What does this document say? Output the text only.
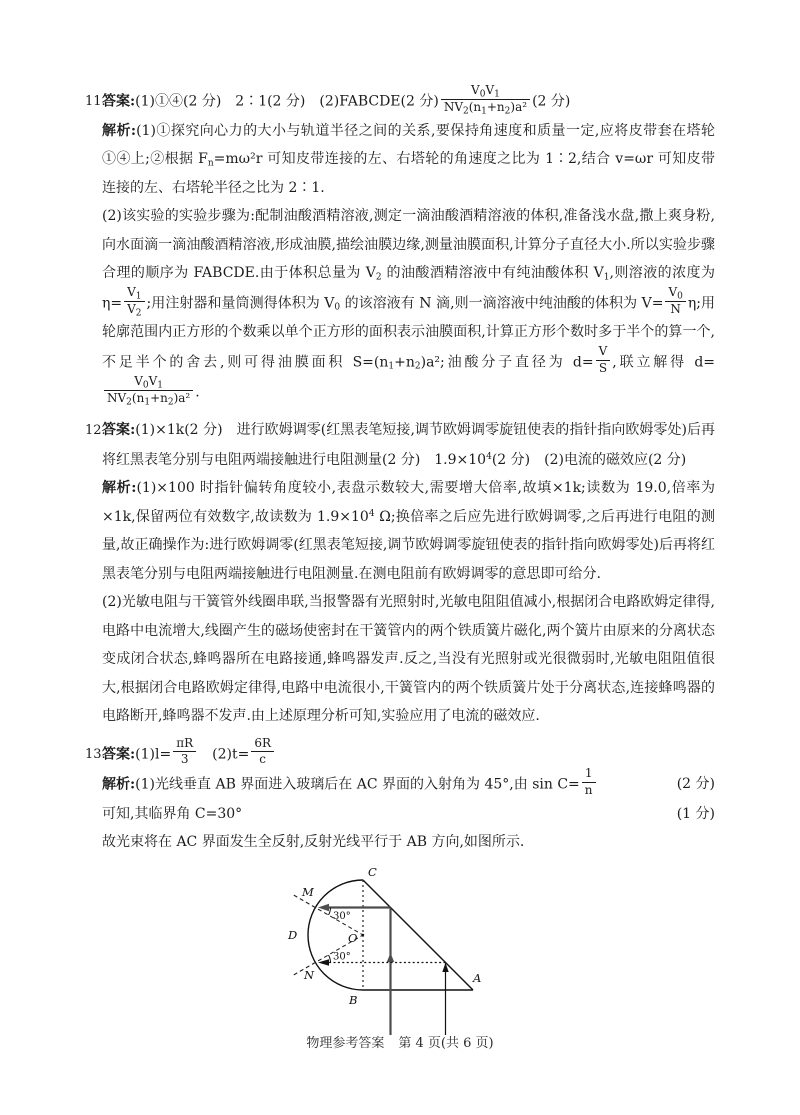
11.答案:(1)①④(2 分)　2∶1(2 分)　(2)FABCDE(2 分) $\frac{V_0V_1}{NV_2(n_1+n_2)a^2} (2$ 分)

解析:(1)①探究向心力的大小与轨道半径之间的关系,要保持角速度和质量一定,应将皮带套在塔轮①④上;②根据 $F_n=m\omega^2r$ 可知皮带连接的左、右塔轮的角速度之比为 1∶2,结合 v=ωr 可知皮带连接的左、右塔轮半径之比为 2∶1.

(2)该实验的实验步骤为:配制油酸酒精溶液,测定一滴油酸酒精溶液的体积,准备浅水盘,撒上爽身粉,向水面滴一滴油酸酒精溶液,形成油膜,描绘油膜边缘,测量油膜面积,计算分子直径大小.所以实验步骤合理的顺序为 FABCDE.由于体积总量为 $V_2$ 的油酸酒精溶液中有纯油酸体积 $V_1$,则溶液的浓度为 $\eta= \frac{V_1}{V_2}$ ;用注射器和量筒测得体积为 $V_0$ 的该溶液有 N 滴,则一滴溶液中纯油酸的体积为 $V= \frac{V_0}{N} \eta$;用轮廓范围内正方形的个数乘以单个正方形的面积表示油膜面积,计算正方形个数时多于半个的算一个,不足半个的舍去,则可得油膜面积 $S=(n_1+n_2)a^2$;油酸分子直径为 $d= \frac{V}{S}$ ,联立解得 d=
$\frac{V_0V_1}{NV_2(n_1+n_2)a^2}$ .

12.答案:(1)×1k(2 分)　进行欧姆调零(红黑表笔短接,调节欧姆调零旋钮使表的指针指向欧姆零处)后再将红黑表笔分别与电阻两端接触进行电阻测量(2 分)　$1.9\times 10^4(2$ 分)　(2)电流的磁效应(2 分)

解析:(1)×100 时指针偏转角度较小,表盘示数较大,需要增大倍率,故填×1k;读数为 19.0,倍率为×1k,保留两位有效数字,故读数为 $1.9\times 10^4$ Ω;换倍率之后应先进行欧姆调零,之后再进行电阻的测量,故正确操作为:进行欧姆调零(红黑表笔短接,调节欧姆调零旋钮使表的指针指向欧姆零处)后再将红黑表笔分别与电阻两端接触进行电阻测量.在测电阻前有欧姆调零的意思即可给分.

(2)光敏电阻与干簧管外线圈串联,当报警器有光照射时,光敏电阻阻值减小,根据闭合电路欧姆定律得,电路中电流增大,线圈产生的磁场使密封在干簧管内的两个铁质簧片磁化,两个簧片由原来的分离状态变成闭合状态,蜂鸣器所在电路接通,蜂鸣器发声.反之,当没有光照射或光很微弱时,光敏电阻阻值很大,根据闭合电路欧姆定律得,电路中电流很小,干簧管内的两个铁质簧片处于分离状态,连接蜂鸣器的电路断开,蜂鸣器不发声.由上述原理分析可知,实验应用了电流的磁效应.

13.答案:(1)l= $\frac{\pi R}{3}$ 　$(2)t= \frac{6R}{c}$

解析:(1)光线垂直 AB 界面进入玻璃后在 AC 界面的入射角为 45°,由 $\sin C= \frac{1}{n}$	(2 分)

可知,其临界角 C=30°	(1 分)

故光束将在 AC 界面发生全反射,反射光线平行于 AB 方向,如图所示.

C
M
D	O
N
B
A
30°
30°
物理参考答案 第 4 页(共 6 页)
